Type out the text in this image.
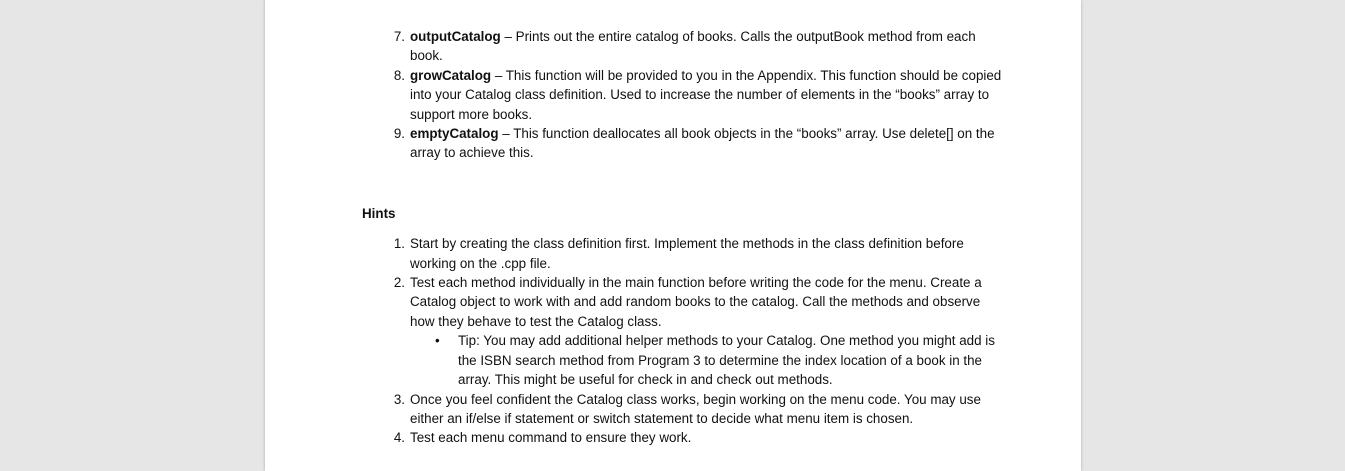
7. outputCatalog – Prints out the entire catalog of books. Calls the outputBook method from each book.
8. growCatalog – This function will be provided to you in the Appendix. This function should be copied into your Catalog class definition. Used to increase the number of elements in the “books” array to support more books.
9. emptyCatalog – This function deallocates all book objects in the “books” array. Use delete[] on the array to achieve this.
Hints
1. Start by creating the class definition first. Implement the methods in the class definition before working on the .cpp file.
2. Test each method individually in the main function before writing the code for the menu. Create a Catalog object to work with and add random books to the catalog. Call the methods and observe how they behave to test the Catalog class.
• Tip: You may add additional helper methods to your Catalog. One method you might add is the ISBN search method from Program 3 to determine the index location of a book in the array. This might be useful for check in and check out methods.
3. Once you feel confident the Catalog class works, begin working on the menu code. You may use either an if/else if statement or switch statement to decide what menu item is chosen.
4. Test each menu command to ensure they work.
